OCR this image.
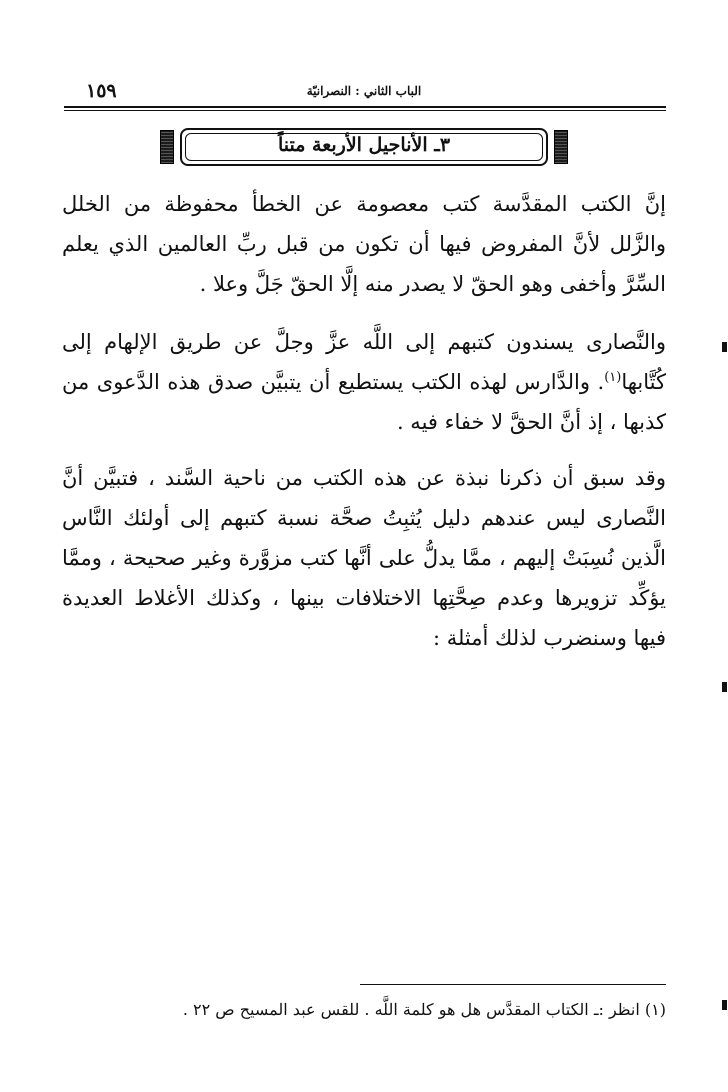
١٥٩	الباب الثاني : النصرانيّة
٣ـ الأناجيل الأربعة متناً

إنَّ الكتب المقدَّسة كتب معصومة عن الخطأ محفوظة من الخلل والزَّلل لأنَّ المفروض فيها أن تكون من قبل ربِّ العالمين الذي يعلم السِّرَّ وأخفى وهو الحقّ لا يصدر منه إلَّا الحقّ جَلَّ وعلا .

والنَّصارى يسندون كتبهم إلى اللَّه عزَّ وجلَّ عن طريق الإلهام إلى كُتَّابها$^{(١)}$. والدَّارس لهذه الكتب يستطيع أن يتبيَّن صدق هذه الدَّعوى من كذبها ، إذ أنَّ الحقَّ لا خفاء فيه .

وقد سبق أن ذكرنا نبذة عن هذه الكتب من ناحية السَّند ، فتبيَّن أنَّ النَّصارى ليس عندهم دليل يُثبِتُ صحَّة نسبة كتبهم إلى أولئك النَّاس الَّذين نُسِبَتْ إليهم ، ممَّا يدلُّ على أنَّها كتب مزوَّرة وغير صحيحة ، وممَّا يؤكِّد تزويرها وعدم صِحَّتِها الاختلافات بينها ، وكذلك الأغلاط العديدة فيها وسنضرب لذلك أمثلة :

(١) انظر :ـ الكتاب المقدَّس هل هو كلمة اللَّه . للقس عبد المسيح ص ٢٢ .
